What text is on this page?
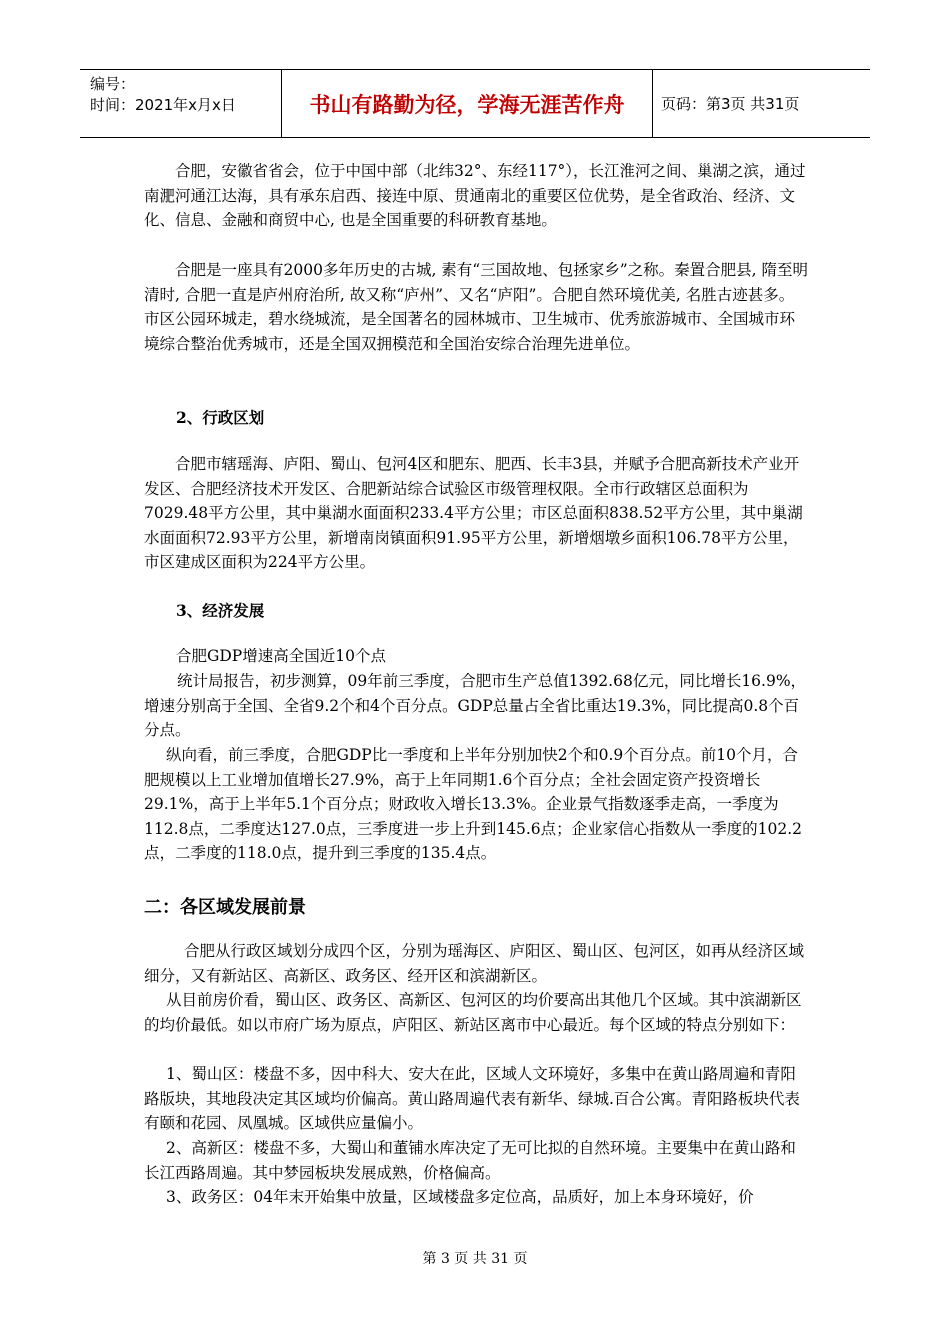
编号：
时间：2021年x月x日	书山有路勤为径，学海无涯苦作舟	页码：第3页 共31页

合肥，安徽省省会，位于中国中部（北纬32°、东经117°），长江淮河之间、巢湖之滨，通过南淝河通江达海，具有承东启西、接连中原、贯通南北的重要区位优势，是全省政治、经济、文化、信息、金融和商贸中心, 也是全国重要的科研教育基地。

合肥是一座具有2000多年历史的古城, 素有“三国故地、包拯家乡”之称。秦置合肥县, 隋至明清时, 合肥一直是庐州府治所, 故又称“庐州”、又名“庐阳”。合肥自然环境优美, 名胜古迹甚多。市区公园环城走，碧水绕城流，是全国著名的园林城市、卫生城市、优秀旅游城市、全国城市环境综合整治优秀城市，还是全国双拥模范和全国治安综合治理先进单位。

2、行政区划

合肥市辖瑶海、庐阳、蜀山、包河4区和肥东、肥西、长丰3县，并赋予合肥高新技术产业开发区、合肥经济技术开发区、合肥新站综合试验区市级管理权限。全市行政辖区总面积为7029.48平方公里，其中巢湖水面面积233.4平方公里；市区总面积838.52平方公里，其中巢湖水面面积72.93平方公里，新增南岗镇面积91.95平方公里，新增烟墩乡面积106.78平方公里，市区建成区面积为224平方公里。

3、经济发展

合肥GDP增速高全国近10个点

统计局报告，初步测算，09年前三季度，合肥市生产总值1392.68亿元，同比增长16.9%，增速分别高于全国、全省9.2个和4个百分点。GDP总量占全省比重达19.3%，同比提高0.8个百分点。

纵向看，前三季度，合肥GDP比一季度和上半年分别加快2个和0.9个百分点。前10个月，合肥规模以上工业增加值增长27.9%，高于上年同期1.6个百分点；全社会固定资产投资增长29.1%，高于上半年5.1个百分点；财政收入增长13.3%。企业景气指数逐季走高，一季度为112.8点，二季度达127.0点，三季度进一步上升到145.6点；企业家信心指数从一季度的102.2点，二季度的118.0点，提升到三季度的135.4点。

二：各区域发展前景

合肥从行政区域划分成四个区，分别为瑶海区、庐阳区、蜀山区、包河区，如再从经济区域细分，又有新站区、高新区、政务区、经开区和滨湖新区。

从目前房价看，蜀山区、政务区、高新区、包河区的均价要高出其他几个区域。其中滨湖新区的均价最低。如以市府广场为原点，庐阳区、新站区离市中心最近。每个区域的特点分别如下：

1、蜀山区：楼盘不多，因中科大、安大在此，区域人文环境好，多集中在黄山路周遍和青阳路版块，其地段决定其区域均价偏高。黄山路周遍代表有新华、绿城.百合公寓。青阳路板块代表有颐和花园、凤凰城。区域供应量偏小。

2、高新区：楼盘不多，大蜀山和董铺水库决定了无可比拟的自然环境。主要集中在黄山路和长江西路周遍。其中梦园板块发展成熟，价格偏高。

3、政务区：04年末开始集中放量，区域楼盘多定位高，品质好，加上本身环境好，价

第 3 页 共 31 页
